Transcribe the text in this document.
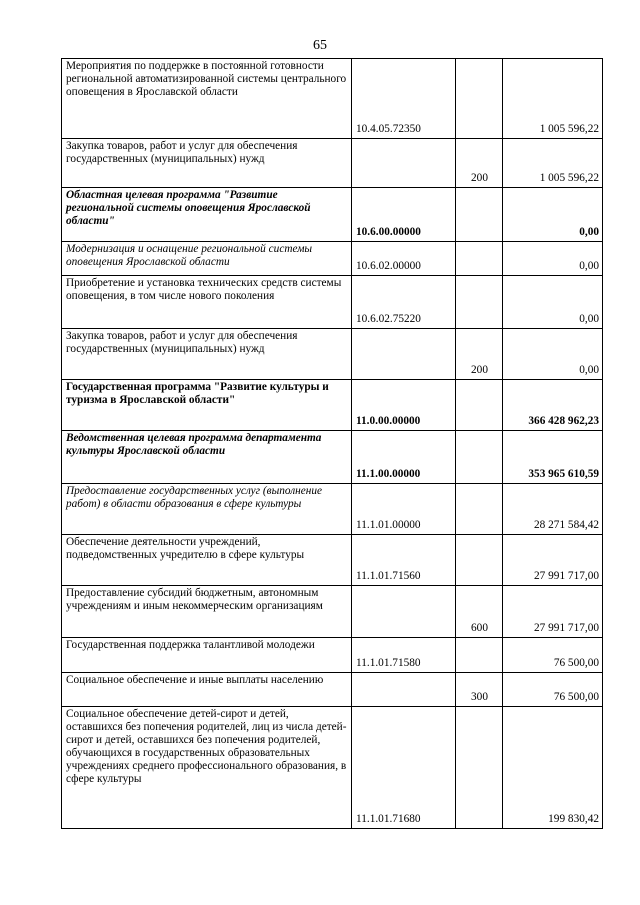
65
Мероприятия по поддержке в постоянной готовности региональной автоматизированной системы центрального оповещения в Ярославской области	10.4.05.72350		1 005 596,22
Закупка товаров, работ и услуг для обеспечения государственных (муниципальных) нужд		200	1 005 596,22
Областная целевая программа "Развитие региональной системы оповещения Ярославской области"	10.6.00.00000		0,00
Модернизация и оснащение региональной системы оповещения Ярославской области	10.6.02.00000		0,00
Приобретение и установка технических средств системы оповещения, в том числе нового поколения	10.6.02.75220		0,00
Закупка товаров, работ и услуг для обеспечения государственных (муниципальных) нужд		200	0,00
Государственная программа "Развитие культуры и туризма в Ярославской области"	11.0.00.00000		366 428 962,23
Ведомственная целевая программа департамента культуры Ярославской области	11.1.00.00000		353 965 610,59
Предоставление государственных услуг (выполнение работ) в области образования в сфере культуры	11.1.01.00000		28 271 584,42
Обеспечение деятельности учреждений, подведомственных учредителю в сфере культуры	11.1.01.71560		27 991 717,00
Предоставление субсидий бюджетным, автономным учреждениям и иным некоммерческим организациям		600	27 991 717,00
Государственная поддержка талантливой молодежи	11.1.01.71580		76 500,00
Социальное обеспечение и иные выплаты населению		300	76 500,00
Социальное обеспечение детей-сирот и детей, оставшихся без попечения родителей, лиц из числа детей-сирот и детей, оставшихся без попечения родителей, обучающихся в государственных образовательных учреждениях среднего профессионального образования, в сфере культуры	11.1.01.71680		199 830,42
